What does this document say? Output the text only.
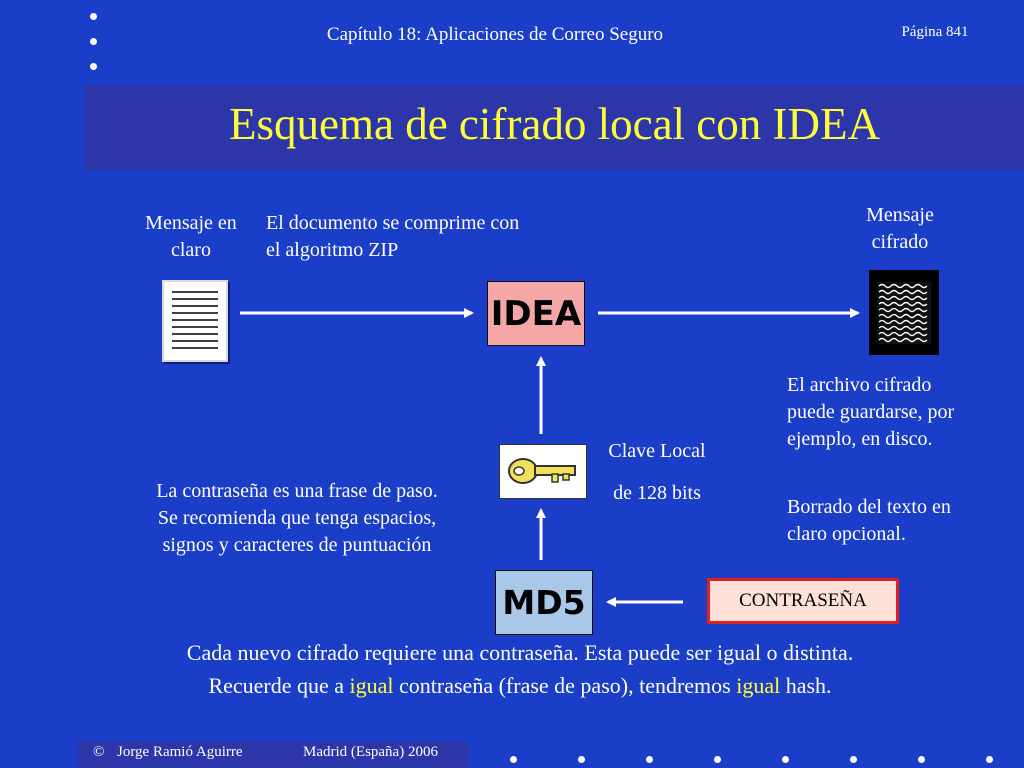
Capítulo 18: Aplicaciones de Correo Seguro	Página 841
Esquema de cifrado local con IDEA
Mensaje en claro
El documento se comprime con el algoritmo ZIP
IDEA
Mensaje cifrado
El archivo cifrado puede guardarse, por ejemplo, en disco.
Borrado del texto en claro opcional.
Clave Local
de 128 bits
La contraseña es una frase de paso.
Se recomienda que tenga espacios,
signos y caracteres de puntuación
MD5	CONTRASEÑA
Cada nuevo cifrado requiere una contraseña. Esta puede ser igual o distinta.
Recuerde que a igual contraseña (frase de paso), tendremos igual hash.
© Jorge Ramió Aguirre	Madrid (España) 2006
